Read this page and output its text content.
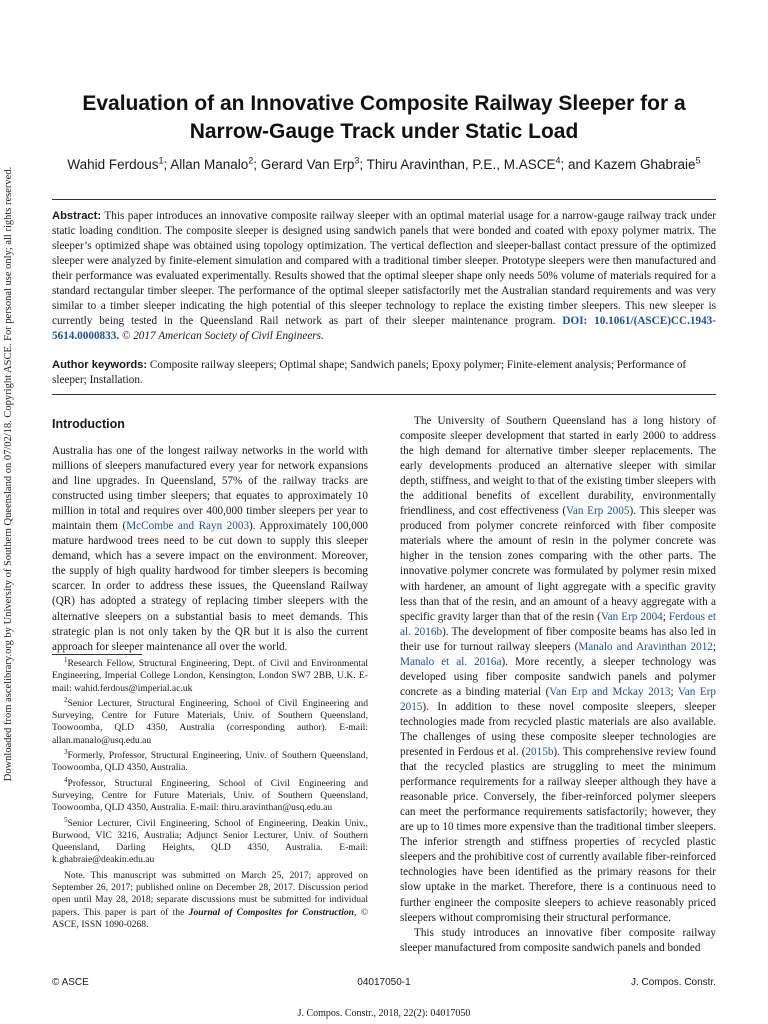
Downloaded from ascelibrary.org by University of Southern Queensland on 07/02/18. Copyright ASCE. For personal use only; all rights reserved.
Evaluation of an Innovative Composite Railway Sleeper for a Narrow-Gauge Track under Static Load
Wahid Ferdous$^1$; Allan Manalo$^2$; Gerard Van Erp$^3$; Thiru Aravinthan, P.E., M.ASCE$^4$; and Kazem Ghabraie$^5$

Abstract: This paper introduces an innovative composite railway sleeper with an optimal material usage for a narrow-gauge railway track under static loading condition. The composite sleeper is designed using sandwich panels that were bonded and coated with epoxy polymer matrix. The sleeper’s optimized shape was obtained using topology optimization. The vertical deflection and sleeper-ballast contact pressure of the optimized sleeper were analyzed by finite-element simulation and compared with a traditional timber sleeper. Prototype sleepers were then manufactured and their performance was evaluated experimentally. Results showed that the optimal sleeper shape only needs 50% volume of materials required for a standard rectangular timber sleeper. The performance of the optimal sleeper satisfactorily met the Australian standard requirements and was very similar to a timber sleeper indicating the high potential of this sleeper technology to replace the existing timber sleepers. This new sleeper is currently being tested in the Queensland Rail network as part of their sleeper maintenance program. DOI: 10.1061/(ASCE)CC.1943-5614.0000833. © 2017 American Society of Civil Engineers.

Author keywords: Composite railway sleepers; Optimal shape; Sandwich panels; Epoxy polymer; Finite-element analysis; Performance of sleeper; Installation.

Introduction

Australia has one of the longest railway networks in the world with millions of sleepers manufactured every year for network expansions and line upgrades. In Queensland, 57% of the railway tracks are constructed using timber sleepers; that equates to approximately 10 million in total and requires over 400,000 timber sleepers per year to maintain them (McCombe and Rayn 2003). Approximately 100,000 mature hardwood trees need to be cut down to supply this sleeper demand, which has a severe impact on the environment. Moreover, the supply of high quality hardwood for timber sleepers is becoming scarcer. In order to address these issues, the Queensland Railway (QR) has adopted a strategy of replacing timber sleepers with the alternative sleepers on a substantial basis to meet demands. This strategic plan is not only taken by the QR but it is also the current approach for sleeper maintenance all over the world.

$^1$Research Fellow, Structural Engineering, Dept. of Civil and Environmental Engineering, Imperial College London, Kensington, London SW7 2BB, U.K. E-mail: wahid.ferdous@imperial.ac.uk

$^2$Senior Lecturer, Structural Engineering, School of Civil Engineering and Surveying, Centre for Future Materials, Univ. of Southern Queensland, Toowoomba, QLD 4350, Australia (corresponding author). E-mail: allan.manalo@usq.edu.au

$^3$Formerly, Professor, Structural Engineering, Univ. of Southern Queensland, Toowoomba, QLD 4350, Australia.

$^4$Professor, Structural Engineering, School of Civil Engineering and Surveying, Centre for Future Materials, Univ. of Southern Queensland, Toowoomba, QLD 4350, Australia. E-mail: thiru.aravinthan@usq.edu.au

$^5$Senior Lecturer, Civil Engineering, School of Engineering, Deakin Univ., Burwood, VIC 3216, Australia; Adjunct Senior Lecturer, Univ. of Southern Queensland, Darling Heights, QLD 4350, Australia. E-mail: k.ghabraie@deakin.edu.au

Note. This manuscript was submitted on March 25, 2017; approved on September 26, 2017; published online on December 28, 2017. Discussion period open until May 28, 2018; separate discussions must be submitted for individual papers. This paper is part of the Journal of Composites for Construction, © ASCE, ISSN 1090-0268.

The University of Southern Queensland has a long history of composite sleeper development that started in early 2000 to address the high demand for alternative timber sleeper replacements. The early developments produced an alternative sleeper with similar depth, stiffness, and weight to that of the existing timber sleepers with the additional benefits of excellent durability, environmentally friendliness, and cost effectiveness (Van Erp 2005). This sleeper was produced from polymer concrete reinforced with fiber composite materials where the amount of resin in the polymer concrete was higher in the tension zones comparing with the other parts. The innovative polymer concrete was formulated by polymer resin mixed with hardener, an amount of light aggregate with a specific gravity less than that of the resin, and an amount of a heavy aggregate with a specific gravity larger than that of the resin (Van Erp 2004; Ferdous et al. 2016b). The development of fiber composite beams has also led in their use for turnout railway sleepers (Manalo and Aravinthan 2012; Manalo et al. 2016a). More recently, a sleeper technology was developed using fiber composite sandwich panels and polymer concrete as a binding material (Van Erp and Mckay 2013; Van Erp 2015). In addition to these novel composite sleepers, sleeper technologies made from recycled plastic materials are also available. The challenges of using these composite sleeper technologies are presented in Ferdous et al. (2015b). This comprehensive review found that the recycled plastics are struggling to meet the minimum performance requirements for a railway sleeper although they have a reasonable price. Conversely, the fiber-reinforced polymer sleepers can meet the performance requirements satisfactorily; however, they are up to 10 times more expensive than the traditional timber sleepers. The inferior strength and stiffness properties of recycled plastic sleepers and the prohibitive cost of currently available fiber-reinforced technologies have been identified as the primary reasons for their slow uptake in the market. Therefore, there is a continuous need to further engineer the composite sleepers to achieve reasonably priced sleepers without compromising their structural performance.

This study introduces an innovative fiber composite railway sleeper manufactured from composite sandwich panels and bonded

© ASCE	04017050-1	J. Compos. Constr.
J. Compos. Constr., 2018, 22(2): 04017050
